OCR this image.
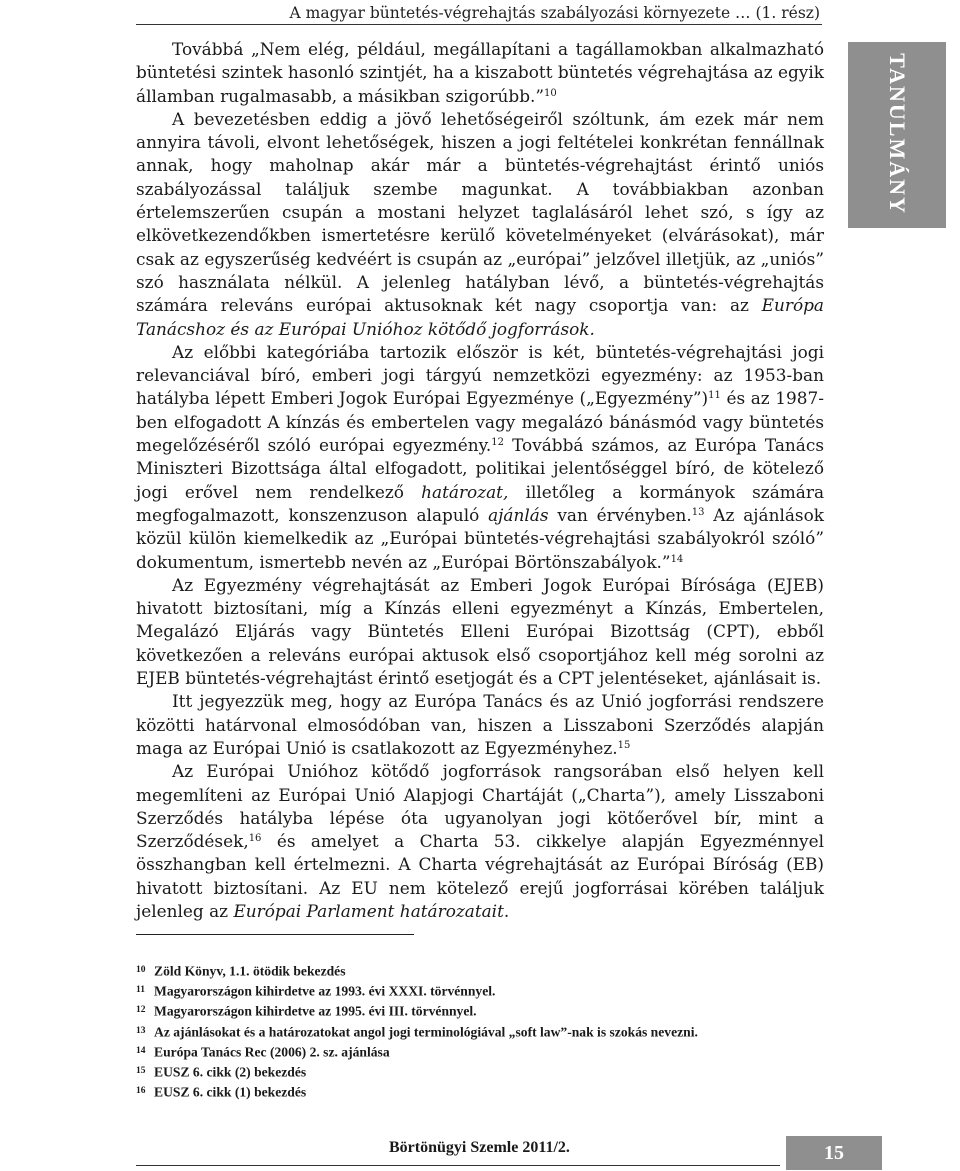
A magyar büntetés-végrehajtás szabályozási környezete … (1. rész)
TANULMÁNY

Továbbá „Nem elég, például, megállapítani a tagállamokban alkalmazható büntetési szintek hasonló szintjét, ha a kiszabott büntetés végrehajtása az egyik államban rugalmasabb, a másikban szigorúbb.”$^{10}$

A bevezetésben eddig a jövő lehetőségeiről szóltunk, ám ezek már nem annyira távoli, elvont lehetőségek, hiszen a jogi feltételei konkrétan fennállnak annak, hogy maholnap akár már a büntetés-végrehajtást érintő uniós szabályozással találjuk szembe magunkat. A továbbiakban azonban értelemszerűen csupán a mostani helyzet taglalásáról lehet szó, s így az elkövetkezendőkben ismertetésre kerülő követelményeket (elvárásokat), már csak az egyszerűség kedvéért is csupán az „európai” jelzővel illetjük, az „uniós” szó használata nélkül. A jelenleg hatályban lévő, a büntetés-végrehajtás számára releváns európai aktusoknak két nagy csoportja van: az Európa Tanácshoz és az Európai Unióhoz kötődő jogforrások.

Az előbbi kategóriába tartozik először is két, büntetés-végrehajtási jogi relevanciával bíró, emberi jogi tárgyú nemzetközi egyezmény: az 1953-ban hatályba lépett Emberi Jogok Európai Egyezménye („Egyezmény”)$^{11}$ és az 1987-ben elfogadott A kínzás és embertelen vagy megalázó bánásmód vagy büntetés megelőzéséről szóló európai egyezmény.$^{12}$ Továbbá számos, az Európa Tanács Miniszteri Bizottsága által elfogadott, politikai jelentőséggel bíró, de kötelező jogi erővel nem rendelkező határozat, illetőleg a kormányok számára megfogalmazott, konszenzuson alapuló ajánlás van érvényben.$^{13}$ Az ajánlások közül külön kiemelkedik az „Európai büntetés-végrehajtási szabályokról szóló” dokumentum, ismertebb nevén az „Európai Börtönszabályok.”$^{14}$

Az Egyezmény végrehajtását az Emberi Jogok Európai Bírósága (EJEB) hivatott biztosítani, míg a Kínzás elleni egyezményt a Kínzás, Embertelen, Megalázó Eljárás vagy Büntetés Elleni Európai Bizottság (CPT), ebből következően a releváns európai aktusok első csoportjához kell még sorolni az EJEB büntetés-végrehajtást érintő esetjogát és a CPT jelentéseket, ajánlásait is.

Itt jegyezzük meg, hogy az Európa Tanács és az Unió jogforrási rendszere közötti határvonal elmosódóban van, hiszen a Lisszaboni Szerződés alapján maga az Európai Unió is csatlakozott az Egyezményhez.$^{15}$

Az Európai Unióhoz kötődő jogforrások rangsorában első helyen kell megemlíteni az Európai Unió Alapjogi Chartáját („Charta”), amely Lisszaboni Szerződés hatályba lépése óta ugyanolyan jogi kötőerővel bír, mint a Szerződések,$^{16}$ és amelyet a Charta 53. cikkelye alapján Egyezménnyel összhangban kell értelmezni. A Charta végrehajtását az Európai Bíróság (EB) hivatott biztosítani. Az EU nem kötelező erejű jogforrásai körében találjuk jelenleg az Európai Parlament határozatait.

10 Zöld Könyv, 1.1. ötödik bekezdés
11 Magyarországon kihirdetve az 1993. évi XXXI. törvénnyel.
12 Magyarországon kihirdetve az 1995. évi III. törvénnyel.
13 Az ajánlásokat és a határozatokat angol jogi terminológiával „soft law”-nak is szokás nevezni.
14 Európa Tanács Rec (2006) 2. sz. ajánlása
15 EUSZ 6. cikk (2) bekezdés
16 EUSZ 6. cikk (1) bekezdés
Börtönügyi Szemle 2011/2.	15
